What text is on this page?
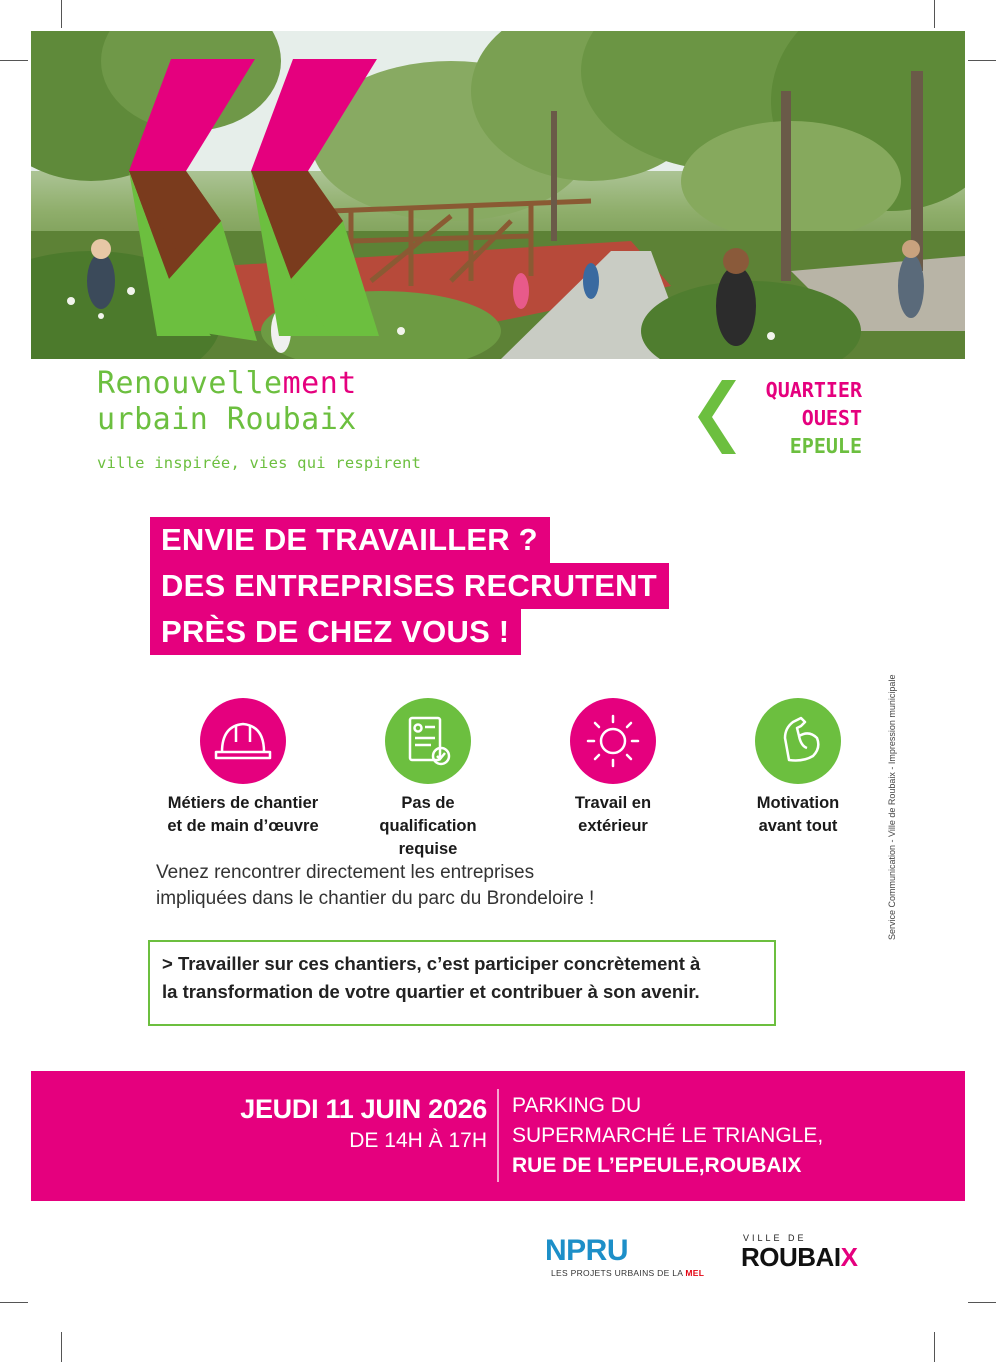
Renouvellement
urbain Roubaix
ville inspirée, vies qui respirent
QUARTIER
OUEST
EPEULE
ENVIE DE TRAVAILLER ?
DES ENTREPRISES RECRUTENT
PRÈS DE CHEZ VOUS !
Métiers de chantier
et de main d’œuvre
Pas de
qualification
requise
Travail en
extérieur
Motivation
avant tout
Venez rencontrer directement les entreprises
impliquées dans le chantier du parc du Brondeloire !
> Travailler sur ces chantiers, c’est participer concrètement à
la transformation de votre quartier et contribuer à son avenir.
JEUDI 11 JUIN 2026
DE 14H À 17H
PARKING DU
SUPERMARCHÉ LE TRIANGLE,
RUE DE L’EPEULE,ROUBAIX
Service Communication - Ville de Roubaix - Impression municipale
NPRU
LES PROJETS URBAINS DE LA MEL
VILLE DE
ROUBAIX
